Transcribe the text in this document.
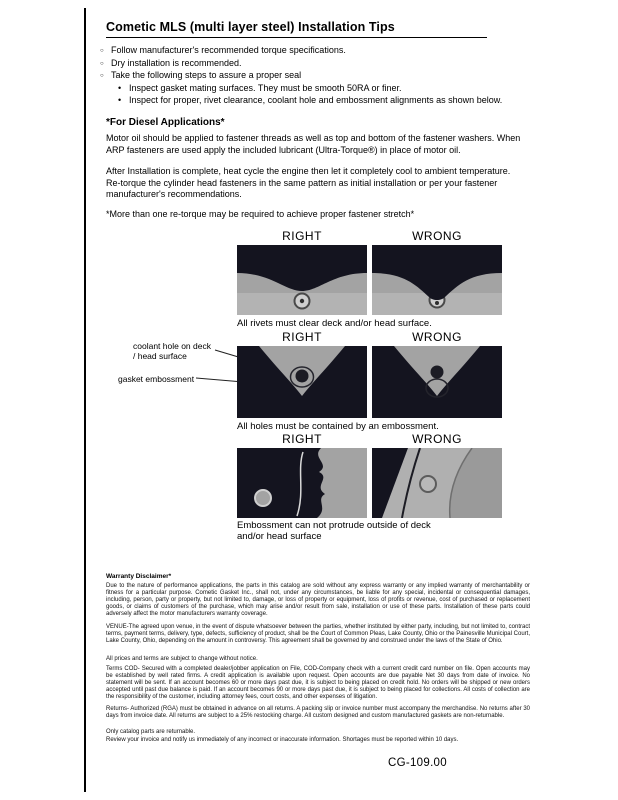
Cometic MLS (multi layer steel) Installation Tips
○
Follow manufacturer's recommended torque specifications.
○
Dry installation is recommended.
○
Take the following steps to assure a proper seal
•
Inspect gasket mating surfaces. They must be smooth 50RA or finer.
•
Inspect for proper, rivet clearance, coolant hole and embossment alignments as shown below.
*For Diesel Applications*
Motor oil should be applied to fastener threads as well as top and bottom of the fastener washers. When ARP fasteners are used apply the included lubricant (Ultra-Torque®) in place of motor oil.
After Installation is complete, heat cycle the engine then let it completely cool to ambient temperature. Re-torque the cylinder head fasteners in the same pattern as initial installation or per your fastener manufacturer's recommendations.
*More than one re-torque may be required to achieve proper fastener stretch*
RIGHT	WRONG
All rivets must clear deck and/or head surface.
RIGHT	WRONG
coolant hole on deck / head surface
gasket embossment
All holes must be contained by an embossment.
RIGHT	WRONG
Embossment can not protrude outside of deck and/or head surface
Warranty Disclaimer*
Due to the nature of performance applications, the parts in this catalog are sold without any express warranty or any implied warranty of merchantability or fitness for a particular purpose. Cometic Gasket Inc., shall not, under any circumstances, be liable for any special, incidental or consequential damages, including, person, party or property, but not limited to, damage, or loss of property or equipment, loss of profits or revenue, cost of purchased or replacement goods, or claims of customers of the purchase, which may arise and/or result from sale, installation or use of these parts. Installation of these parts could adversely affect the motor manufacturers warranty coverage.
VENUE-The agreed upon venue, in the event of dispute whatsoever between the parties, whether instituted by either party, including, but not limited to, contract terms, payment terms, delivery, type, defects, sufficiency of product, shall be the Court of Common Pleas, Lake County, Ohio or the Painesville Municipal Court, Lake County, Ohio, depending on the amount in controversy. This agreement shall be governed by and construed under the laws of the State of Ohio.
All prices and terms are subject to change without notice.
Terms COD- Secured with a completed dealer/jobber application on File, COD-Company check with a current credit card number on file. Open accounts may be established by well rated firms. A credit application is available upon request. Open accounts are due payable Net 30 days from date of invoice. No statement will be sent. If an account becomes 60 or more days past due, it is subject to being placed on credit hold. No orders will be shipped or new orders accepted until past due balance is paid. If an account becomes 90 or more days past due, it is subject to being placed for collections. All costs of collection are the responsibility of the customer, including attorney fees, court costs, and other expenses of litigation.
Returns- Authorized (RGA) must be obtained in advance on all returns. A packing slip or invoice number must accompany the merchandise. No returns after 30 days from invoice date. All returns are subject to a 25% restocking charge. All custom designed and custom manufactured gaskets are non-returnable.
Only catalog parts are returnable.
Review your invoice and notify us immediately of any incorrect or inaccurate information. Shortages must be reported within 10 days.
CG-109.00
